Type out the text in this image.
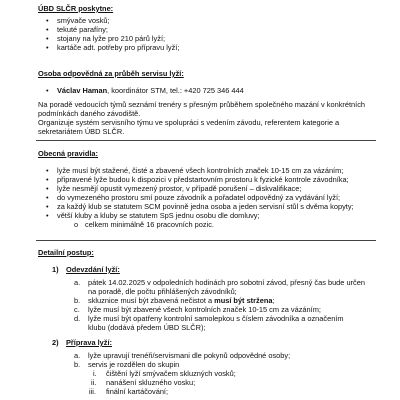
ÚBD SLČR poskytne:
• smývače vosků;
• tekuté parafíny;
• stojany na lyže pro 210 párů lyží;
• kartáče adt. potřeby pro přípravu lyží;
Osoba odpovědná za průběh servisu lyží:
• Václav Haman, koordinátor STM, tel.: +420 725 346 444
Na poradě vedoucích týmů seznámí trenéry s přesným průběhem společného mazání v konkrétních podmínkách daného závodiště.
Organizuje systém servisního týmu ve spolupráci s vedením závodu, referentem kategorie a sekretariátem ÚBD SLČR.
Obecná pravidla:
• lyže musí být stažené, čisté a zbavené všech kontrolních značek 10-15 cm za vázáním;
• připravené lyže budou k dispozici v předstartovním prostoru k fyzické kontrole závodníka;
• lyže nesmějí opustit vymezený prostor, v případě porušení – diskvalifikace;
• do vymezeného prostoru smí pouze závodník a pořadatel odpovědný za vydávání lyží;
• za každý klub se statutem SCM povinně jedna osoba a jeden servisní stůl s dvěma kopyty;
• větší kluby a kluby se statutem SpS jednu osobu dle domluvy;
o celkem minimálně 16 pracovních pozic.
Detailní postup:
1) Odevzdání lyží:
a. pátek 14.02.2025 v odpoledních hodinách pro sobotní závod, přesný čas bude určen
na poradě, dle počtu přihlášených závodníků;
b. skluznice musí být zbavená nečistot a musí být stržena;
c. lyže musí být zbavené všech kontrolních značek 10-15 cm za vázáním;
d. lyže musí být opatřeny kontrolní samolepkou s číslem závodníka a označením
klubu (dodává předem ÚBD SLČR);
2) Příprava lyží:
a. lyže upravují trenéři/servismani dle pokynů odpovědné osoby;
b. servis je rozdělen do skupin
i. čištění lyží smývačem skluzných vosků;
ii. nanášení skluzného vosku;
iii. finální kartáčování;
